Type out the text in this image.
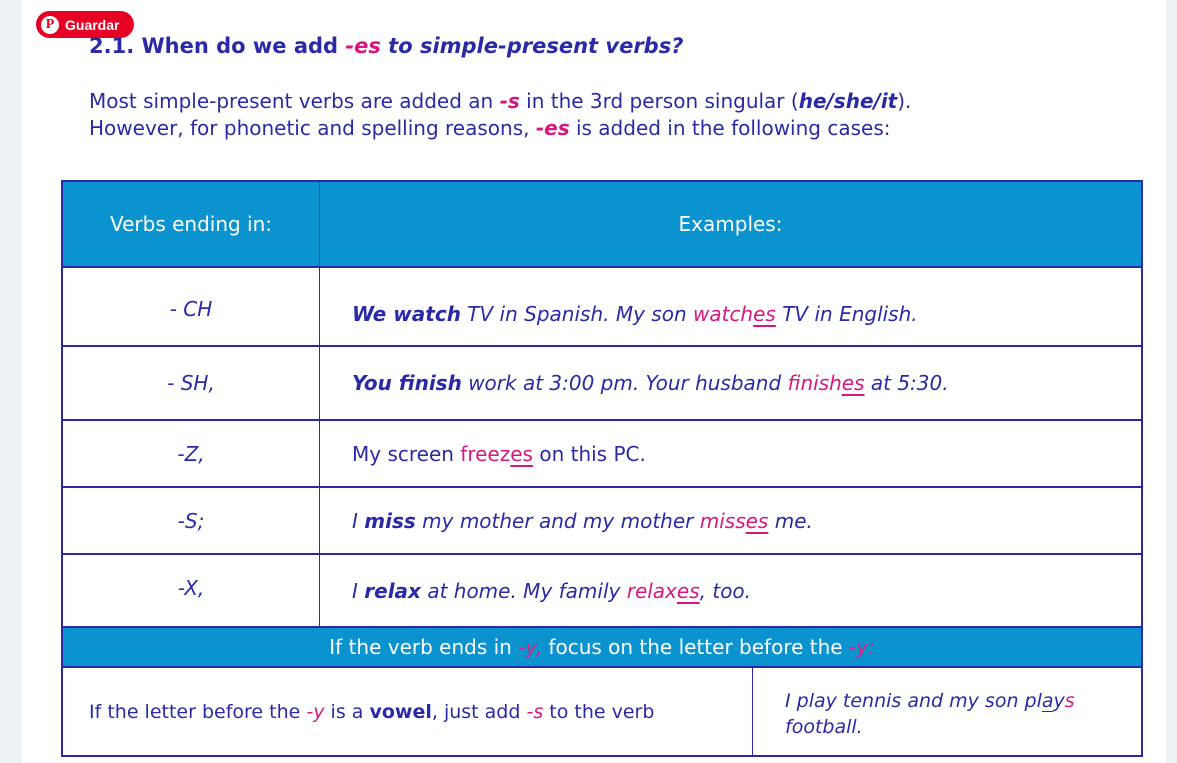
P Guardar
2.1. When do we add -es to simple-present verbs?
Most simple-present verbs are added an -s in the 3rd person singular (he/she/it).
However, for phonetic and spelling reasons, -es is added in the following cases:
Verbs ending in:	Examples:
- CH	We watch
TV in Spanish. My son
watch es
TV in English.
- SH,	You finish
work at 3:00 pm. Your husband
finish es
at 5:30.
-Z,	My screen
freez es
on this PC.
-S;	I
miss
my mother and my mother
miss es
me.
-X,	I
relax
at home. My family
relax es , too.
If the verb ends in
-y,
focus on the letter before the
-y:
If the letter before the
-y
is a
vowel , just add
-s
to the verb	I play tennis and my son plays
football.
